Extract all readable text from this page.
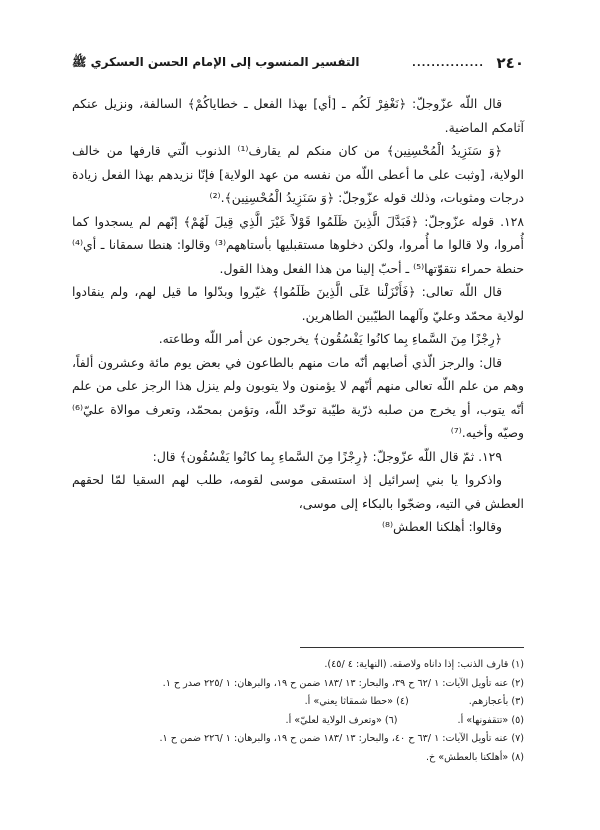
٢٤٠
...............
التفسير المنسوب إلى الإمام الحسن العسكري ﷺ

قال اللّه عزّوجلّ: ﴿نَغْفِرْ لَكُم ـ [أي] بهذا الفعل ـ خطاياكُمْ﴾ السالفة، ونزيل عنكم آثامكم الماضية.

﴿وَ سَنَزِيدُ الْمُحْسِنِين﴾ من كان منكم لم يقارف⁽¹⁾ الذنوب الّتي قارفها من خالف الولاية، [وثبت على ما أعطى اللّه من نفسه من عهد الولاية] فإنّا نزيدهم بهذا الفعل زيادة درجات ومثوبات، وذلك قوله عزّوجلّ: ﴿وَ سَنَزِيدُ الْمُحْسِنِين﴾.⁽²⁾

١٢٨. قوله عزّوجلّ: ﴿فَبَدَّلَ الَّذِينَ ظَلَمُوا قَوْلاً غَيْرَ الَّذِي قِيلَ لَهُمْ﴾ إنّهم لم يسجدوا كما أُمروا، ولا قالوا ما أُمروا، ولكن دخلوها مستقبليها بأستاههم⁽³⁾ وقالوا: هنطا سمقانا ـ أي⁽⁴⁾ حنطة حمراء نتقوّتها⁽⁵⁾ ـ أحبّ إلينا من هذا الفعل وهذا القول.

قال اللّه تعالى: ﴿فَأَنْزَلْنا عَلَى الَّذِينَ ظَلَمُوا﴾ غيّروا وبدّلوا ما قيل لهم، ولم ينقادوا لولاية محمّد وعليّ وآلهما الطيّبين الطاهرين.

﴿رِجْزًا مِنَ السَّماءِ بِما كانُوا يَفْسُقُون﴾ يخرجون عن أمر اللّه وطاعته.

قال: والرجز الّذي أصابهم أنّه مات منهم بالطاعون في بعض يوم مائة وعشرون ألفاً، وهم من علم اللّه تعالى منهم أنّهم لا يؤمنون ولا يتوبون ولم ينزل هذا الرجز على من علم أنّه يتوب، أو يخرج من صلبه ذرّية طيّبة توحّد اللّه، وتؤمن بمحمّد، وتعرف موالاة عليّ⁽⁶⁾ وصيّه وأخيه.⁽⁷⁾

١٢٩. ثمّ قال اللّه عزّوجلّ: ﴿رِجْزًا مِنَ السَّماءِ بِما كانُوا يَفْسُقُون﴾ قال:

واذكروا يا بني إسرائيل إذ استسقى موسى لقومه، طلب لهم السقيا لمّا لحقهم العطش في التيه، وضجّوا بالبكاء إلى موسى،

وقالوا: أهلكنا العطش⁽⁸⁾

(١) قارف الذنب: إذا داناه ولاصقه. (النهاية: ٤ /٤٥).
(٢) عنه تأويل الآيات: ١ /٦٢ ح ٣٩، والبحار: ١٣ /١٨٣ ضمن ح ١٩، والبرهان: ١ /٢٢٥ صدر ح ١.
(٣) بأعجازهم.
(٤) «حطا شمقاثا يعني» أ.
(٥) «تتقفونها» أ.
(٦) «وتعرف الولاية لعليّ» أ.
(٧) عنه تأويل الآيات: ١ /٦٣ ح ٤٠، والبحار: ١٣ /١٨٣ ضمن ح ١٩، والبرهان: ١ /٢٢٦ ضمن ح ١.
(٨) «أهلكنا بالعطش» خ.
